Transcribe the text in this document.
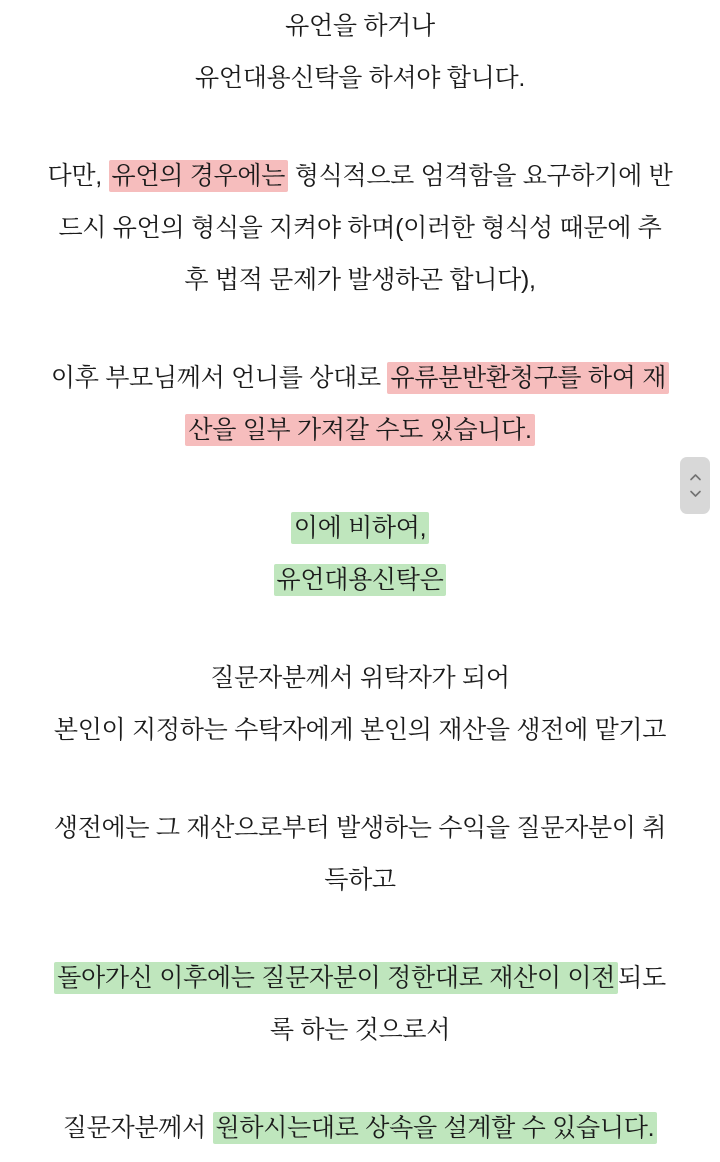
유언을 하거나
유언대용신탁을 하셔야 합니다.
다만, 유언의 경우에는 형식적으로 엄격함을 요구하기에 반
드시 유언의 형식을 지켜야 하며(이러한 형식성 때문에 추
후 법적 문제가 발생하곤 합니다),
이후 부모님께서 언니를 상대로 유류분반환청구를 하여 재
산을 일부 가져갈 수도 있습니다.
이에 비하여,
유언대용신탁은
질문자분께서 위탁자가 되어
본인이 지정하는 수탁자에게 본인의 재산을 생전에 맡기고
생전에는 그 재산으로부터 발생하는 수익을 질문자분이 취
득하고
돌아가신 이후에는 질문자분이 정한대로 재산이 이전 되도
록 하는 것으로서
질문자분께서 원하시는대로 상속을 설계할 수 있습니다.
